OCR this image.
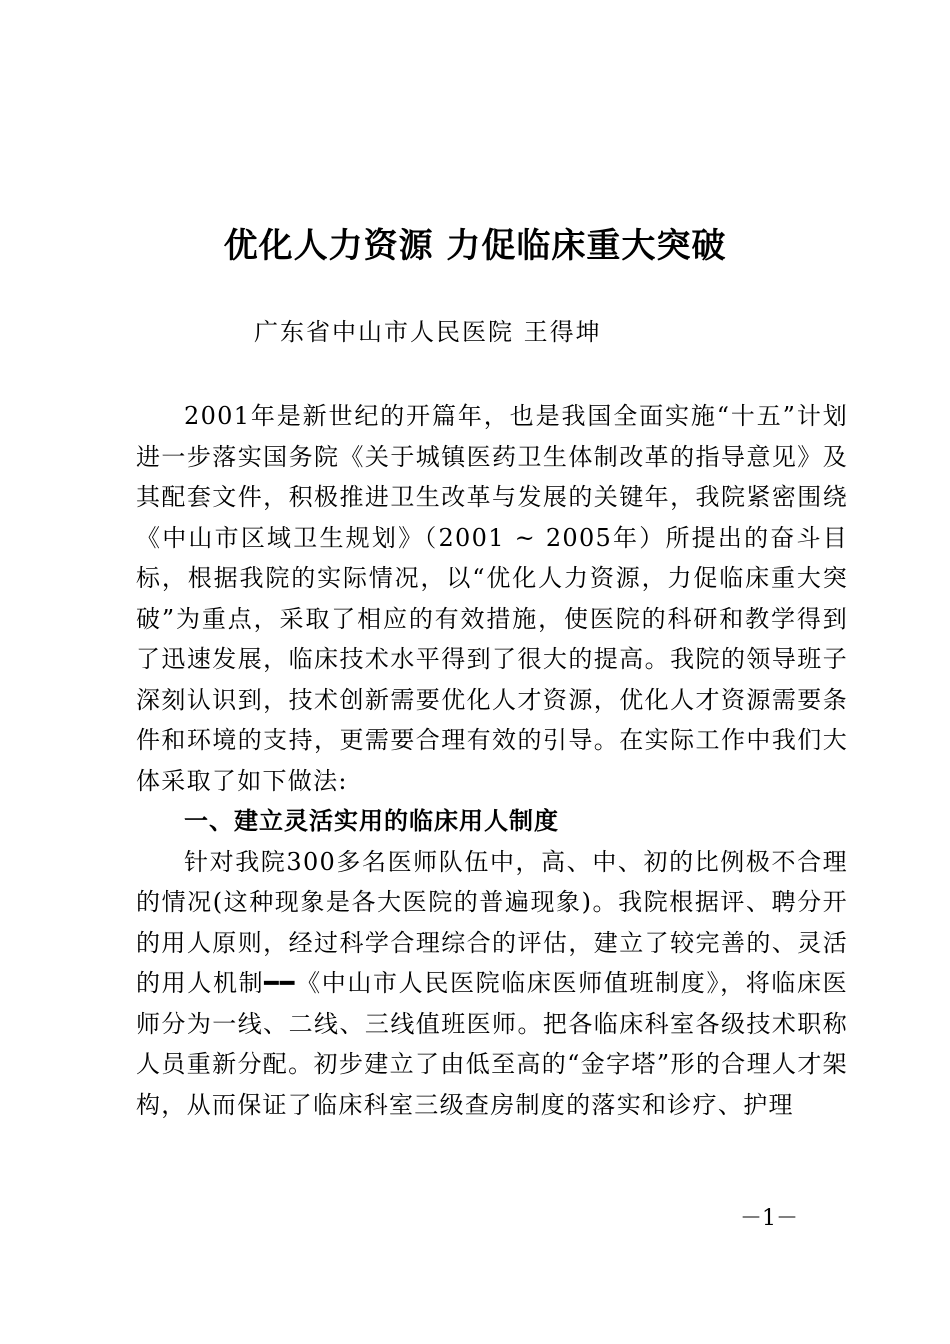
优化人力资源 力促临床重大突破
广东省中山市人民医院 王得坤

2001年是新世纪的开篇年，也是我国全面实施“十五”计划进一步落实国务院《关于城镇医药卫生体制改革的指导意见》及其配套文件，积极推进卫生改革与发展的关键年，我院紧密围绕《中山市区域卫生规划》（2001 ~ 2005年）所提出的奋斗目标，根据我院的实际情况，以“优化人力资源，力促临床重大突破”为重点，采取了相应的有效措施，使医院的科研和教学得到了迅速发展，临床技术水平得到了很大的提高。我院的领导班子深刻认识到，技术创新需要优化人才资源，优化人才资源需要条件和环境的支持，更需要合理有效的引导。在实际工作中我们大体采取了如下做法:

一、建立灵活实用的临床用人制度

针对我院300多名医师队伍中，高、中、初的比例极不合理的情况(这种现象是各大医院的普遍现象)。我院根据评、聘分开的用人原则，经过科学合理综合的评估，建立了较完善的、灵活的用人机制━━《中山市人民医院临床医师值班制度》，将临床医师分为一线、二线、三线值班医师。把各临床科室各级技术职称人员重新分配。初步建立了由低至高的“金字塔”形的合理人才架构，从而保证了临床科室三级查房制度的落实和诊疗、护理

－1－
